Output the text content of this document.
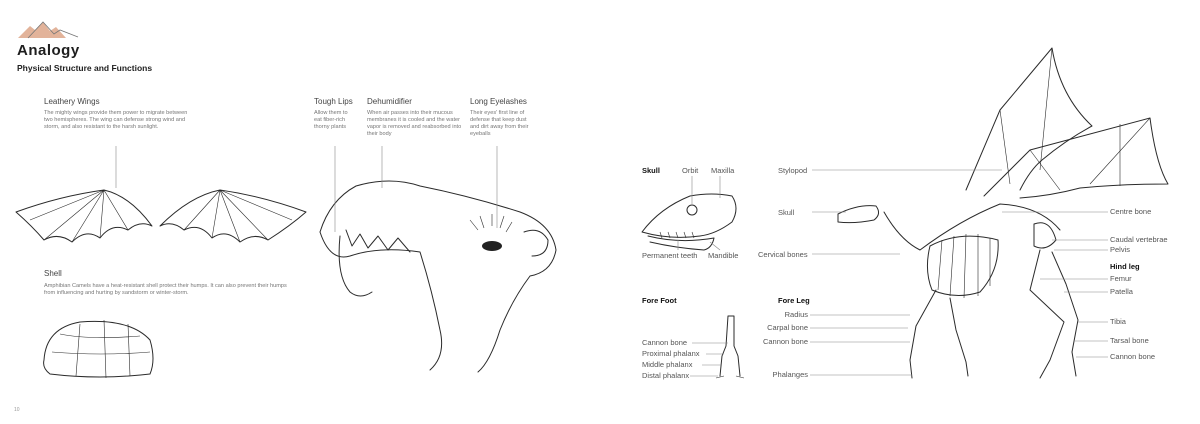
Analogy
Physical Structure and Functions
Leathery Wings
The mighty wings provide them power to migrate between two hemispheres. The wing can defense strong wind and storm, and also resistant to the harsh sunlight.
Shell
Amphibian Camels have a heat-resistant shell protect their humps. It can also prevent their humps from influencing and hurting by sandstorm or winter-storm.
Tough Lips
Allow them to eat fiber-rich thorny plants
Dehumidifier
When air passes into their mucous membranes it is cooled and the water vapor is removed and reabsorbed into their body
Long Eyelashes
Their eyes' first line of defense that keep dust and dirt away from their eyeballs
Skull	Orbit Maxilla
Permanent teeth Mandible
Fore Foot
Cannon bone
Proximal phalanx
Middle phalanx
Distal phalanx
Stylopod
Skull
Cervical bones
Fore Leg
Radius
Carpal bone
Cannon bone
Phalanges
Centre bone
Caudal vertebrae
Pelvis
Hind leg
Femur
Patella
Tibia
Tarsal bone
Cannon bone
10
